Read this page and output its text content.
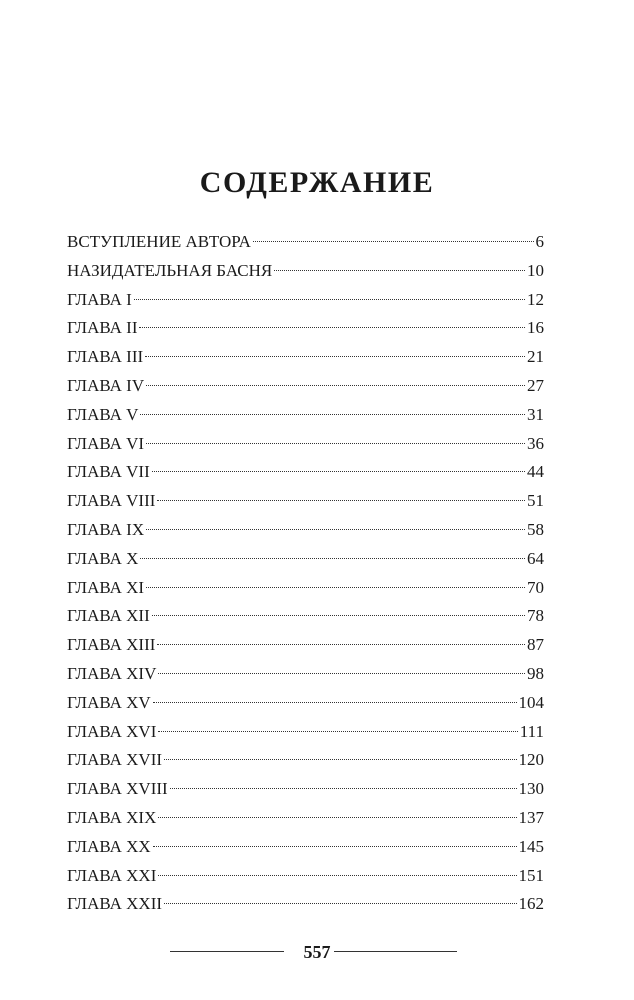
СОДЕРЖАНИЕ
ВСТУПЛЕНИЕ АВТОРА	6
НАЗИДАТЕЛЬНАЯ БАСНЯ	10
ГЛАВА I	12
ГЛАВА II	16
ГЛАВА III	21
ГЛАВА IV	27
ГЛАВА V	31
ГЛАВА VI	36
ГЛАВА VII	44
ГЛАВА VIII	51
ГЛАВА IX	58
ГЛАВА X	64
ГЛАВА XI	70
ГЛАВА XII	78
ГЛАВА XIII	87
ГЛАВА XIV	98
ГЛАВА XV	104
ГЛАВА XVI	111
ГЛАВА XVII	120
ГЛАВА XVIII	130
ГЛАВА XIX	137
ГЛАВА XX	145
ГЛАВА XXI	151
ГЛАВА XXII	162
557
